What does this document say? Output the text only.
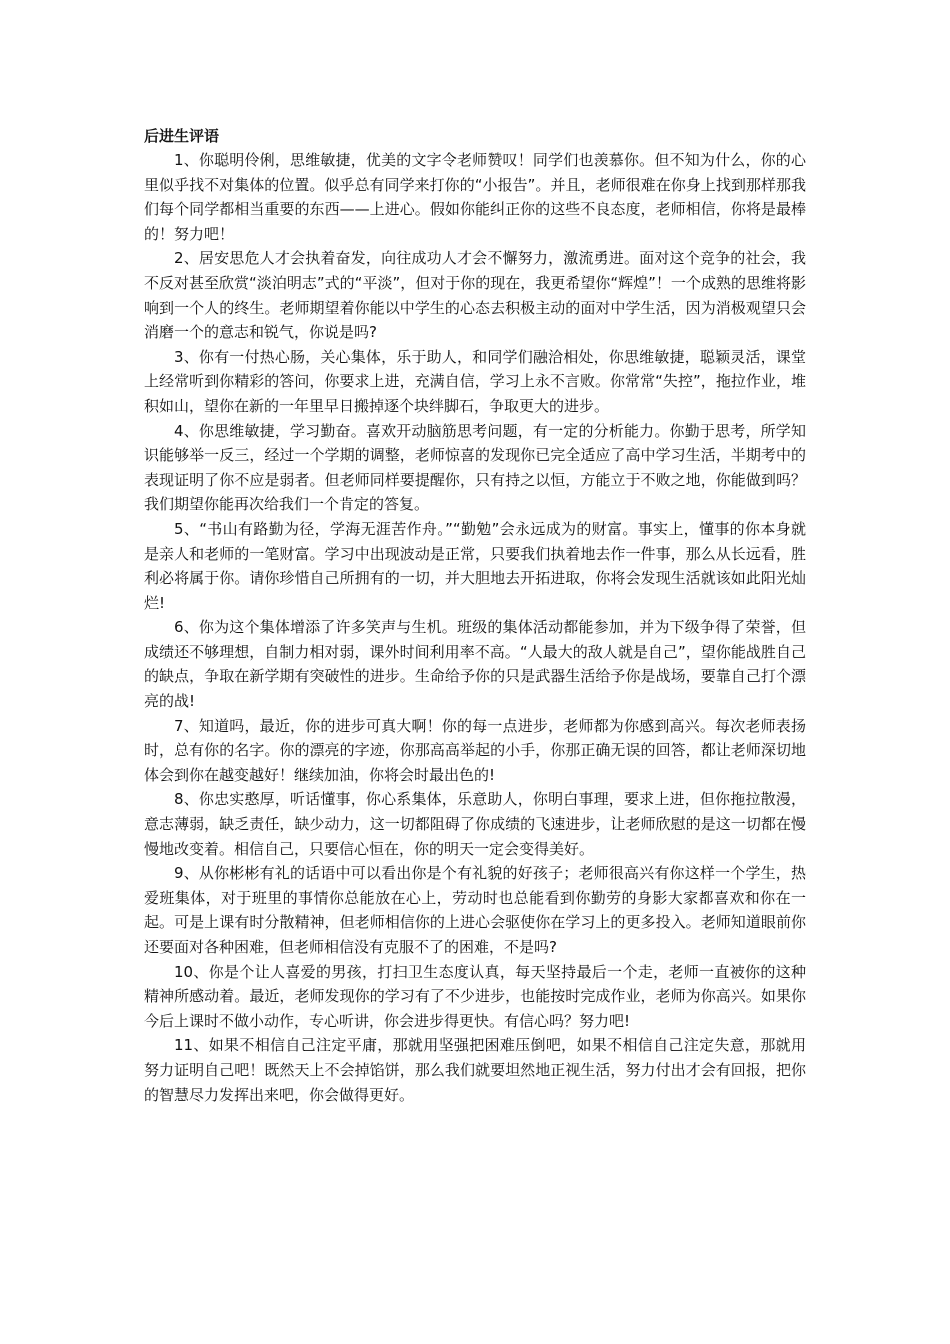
后进生评语

1、你聪明伶俐，思维敏捷，优美的文字令老师赞叹！同学们也羡慕你。但不知为什么，你的心里似乎找不对集体的位置。似乎总有同学来打你的“小报告”。并且，老师很难在你身上找到那样那我们每个同学都相当重要的东西——上进心。假如你能纠正你的这些不良态度，老师相信，你将是最棒的！努力吧！

2、居安思危人才会执着奋发，向往成功人才会不懈努力，激流勇进。面对这个竞争的社会，我不反对甚至欣赏“淡泊明志”式的“平淡”，但对于你的现在，我更希望你“辉煌”！一个成熟的思维将影响到一个人的终生。老师期望着你能以中学生的心态去积极主动的面对中学生活，因为消极观望只会消磨一个的意志和锐气，你说是吗?

3、你有一付热心肠，关心集体，乐于助人，和同学们融洽相处，你思维敏捷，聪颖灵活，课堂上经常听到你精彩的答问，你要求上进，充满自信，学习上永不言败。你常常“失控”，拖拉作业，堆积如山，望你在新的一年里早日搬掉逐个块绊脚石，争取更大的进步。

4、你思维敏捷，学习勤奋。喜欢开动脑筋思考问题，有一定的分析能力。你勤于思考，所学知识能够举一反三，经过一个学期的调整，老师惊喜的发现你已完全适应了高中学习生活，半期考中的表现证明了你不应是弱者。但老师同样要提醒你，只有持之以恒，方能立于不败之地，你能做到吗？我们期望你能再次给我们一个肯定的答复。

5、“书山有路勤为径，学海无涯苦作舟。”“勤勉”会永远成为的财富。事实上，懂事的你本身就是亲人和老师的一笔财富。学习中出现波动是正常，只要我们执着地去作一件事，那么从长远看，胜利必将属于你。请你珍惜自己所拥有的一切，并大胆地去开拓进取，你将会发现生活就该如此阳光灿烂!

6、你为这个集体增添了许多笑声与生机。班级的集体活动都能参加，并为下级争得了荣誉，但成绩还不够理想，自制力相对弱，课外时间利用率不高。“人最大的敌人就是自己”，望你能战胜自己的缺点，争取在新学期有突破性的进步。生命给予你的只是武器生活给予你是战场，要靠自己打个漂亮的战!

7、知道吗，最近，你的进步可真大啊！你的每一点进步，老师都为你感到高兴。每次老师表扬时，总有你的名字。你的漂亮的字迹，你那高高举起的小手，你那正确无误的回答，都让老师深切地体会到你在越变越好！继续加油，你将会时最出色的!

8、你忠实憨厚，听话懂事，你心系集体，乐意助人，你明白事理，要求上进，但你拖拉散漫，意志薄弱，缺乏责任，缺少动力，这一切都阻碍了你成绩的飞速进步，让老师欣慰的是这一切都在慢慢地改变着。相信自己，只要信心恒在，你的明天一定会变得美好。

9、从你彬彬有礼的话语中可以看出你是个有礼貌的好孩子；老师很高兴有你这样一个学生，热爱班集体，对于班里的事情你总能放在心上，劳动时也总能看到你勤劳的身影大家都喜欢和你在一起。可是上课有时分散精神，但老师相信你的上进心会驱使你在学习上的更多投入。老师知道眼前你还要面对各种困难，但老师相信没有克服不了的困难，不是吗?

10、你是个让人喜爱的男孩，打扫卫生态度认真，每天坚持最后一个走，老师一直被你的这种精神所感动着。最近，老师发现你的学习有了不少进步，也能按时完成作业，老师为你高兴。如果你今后上课时不做小动作，专心听讲，你会进步得更快。有信心吗？努力吧!

11、如果不相信自己注定平庸，那就用坚强把困难压倒吧，如果不相信自己注定失意，那就用努力证明自己吧！既然天上不会掉馅饼，那么我们就要坦然地正视生活，努力付出才会有回报，把你的智慧尽力发挥出来吧，你会做得更好。
